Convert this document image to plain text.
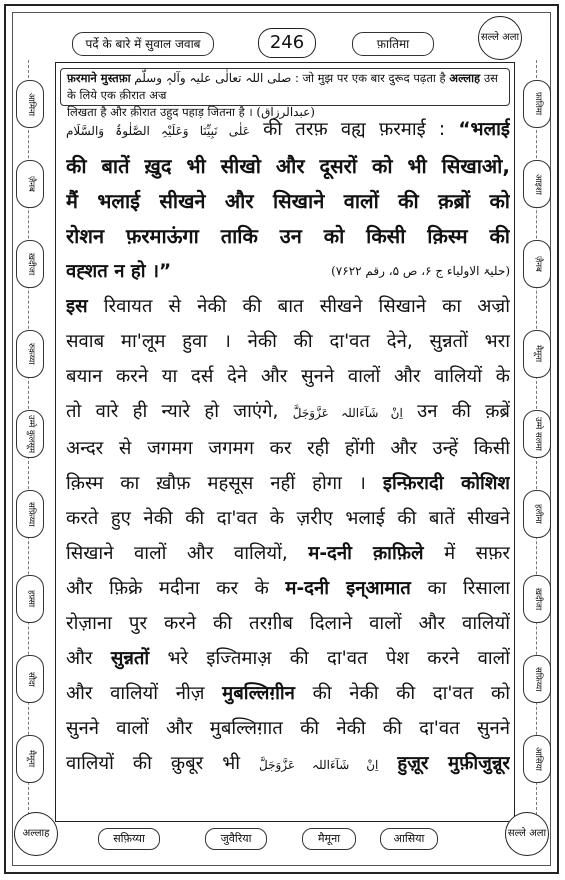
पर्दे के बारे में सुवाल जवाब	246	फ़ातिमा	सल्ले अला
फ़रमाने मुस्तफ़ा صلی اللہ تعالٰی علیہ وآلہٖ وسلّم : जो मुझ पर एक बार दुरूद पढ़ता है अल्लाह उस के लिये एक क़ीरात अज्र
लिखता है और क़ीरात उहुद पहाड़ जितना है । (عبدالرزاق)
عَلٰی نَبِیِّنَا وَعَلَیْہِ الصَّلٰوۃُ وَالسَّلَام की तरफ़ वह्य फ़रमाई : “भलाई
की बातें ख़ुद भी सीखो और दूसरों को भी सिखाओ,
मैं भलाई सीखने और सिखाने वालों की क़ब्रों को
रोशन फ़रमाऊंगा ताकि उन को किसी क़िस्म की
वह्शत न हो ।”	(حلیۃ الاولیاء ج ۶، ص ۵، رقم ۷۶۲۲)
इस रिवायत से नेकी की बात सीखने सिखाने का अज्रो
सवाब मा'लूम हुवा । नेकी की दा'वत देने, सुन्नतों भरा
बयान करने या दर्स देने और सुनने वालों और वालियों के
तो वारे ही न्यारे हो जाएंगे, اِنْ شَآءَاللہ عَزَّوَجَلَّ उन की क़ब्रें
अन्दर से जगमग जगमग कर रही होंगी और उन्हें किसी
क़िस्म का ख़ौफ़ महसूस नहीं होगा । इन्फ़िरादी कोशिश
करते हुए नेकी की दा'वत के ज़रीए भलाई की बातें सीखने
सिखाने वालों और वालियों, म-दनी क़ाफ़िले में सफ़र
और फ़िक्रे मदीना कर के म-दनी इन्आमात का रिसाला
रोज़ाना पुर करने की तरग़ीब दिलाने वालों और वालियों
और सुन्नतों भरे इज्तिमाअ़ की दा'वत पेश करने वालों
और वालियों नीज़ मुबल्लिग़ीन की नेकी की दा'वत को
सुनने वालों और मुबल्लिग़ात की नेकी की दा'वत सुनने
वालियों की क़ुबूर भी اِنْ شَآءَاللہ عَزَّوَجَلَّ हुज़ूर मुफ़ीजुन्नूर
आमिना
ज़ैनब
ख़दीजा
रुक़य्या
उम्मे कुलसूम
सफ़िय्या
हफ़्सा
सौदा
मैमूना
फ़ातिमा
आइशा
ज़ैनब
मैमूना
उम्मे सलमा
हलीमा
ख़दीजा
सफ़िय्या
आसिया
अल्लाह	सल्ले अला
सफ़िय्या	जुवैरिया	मैमूना	आसिया
